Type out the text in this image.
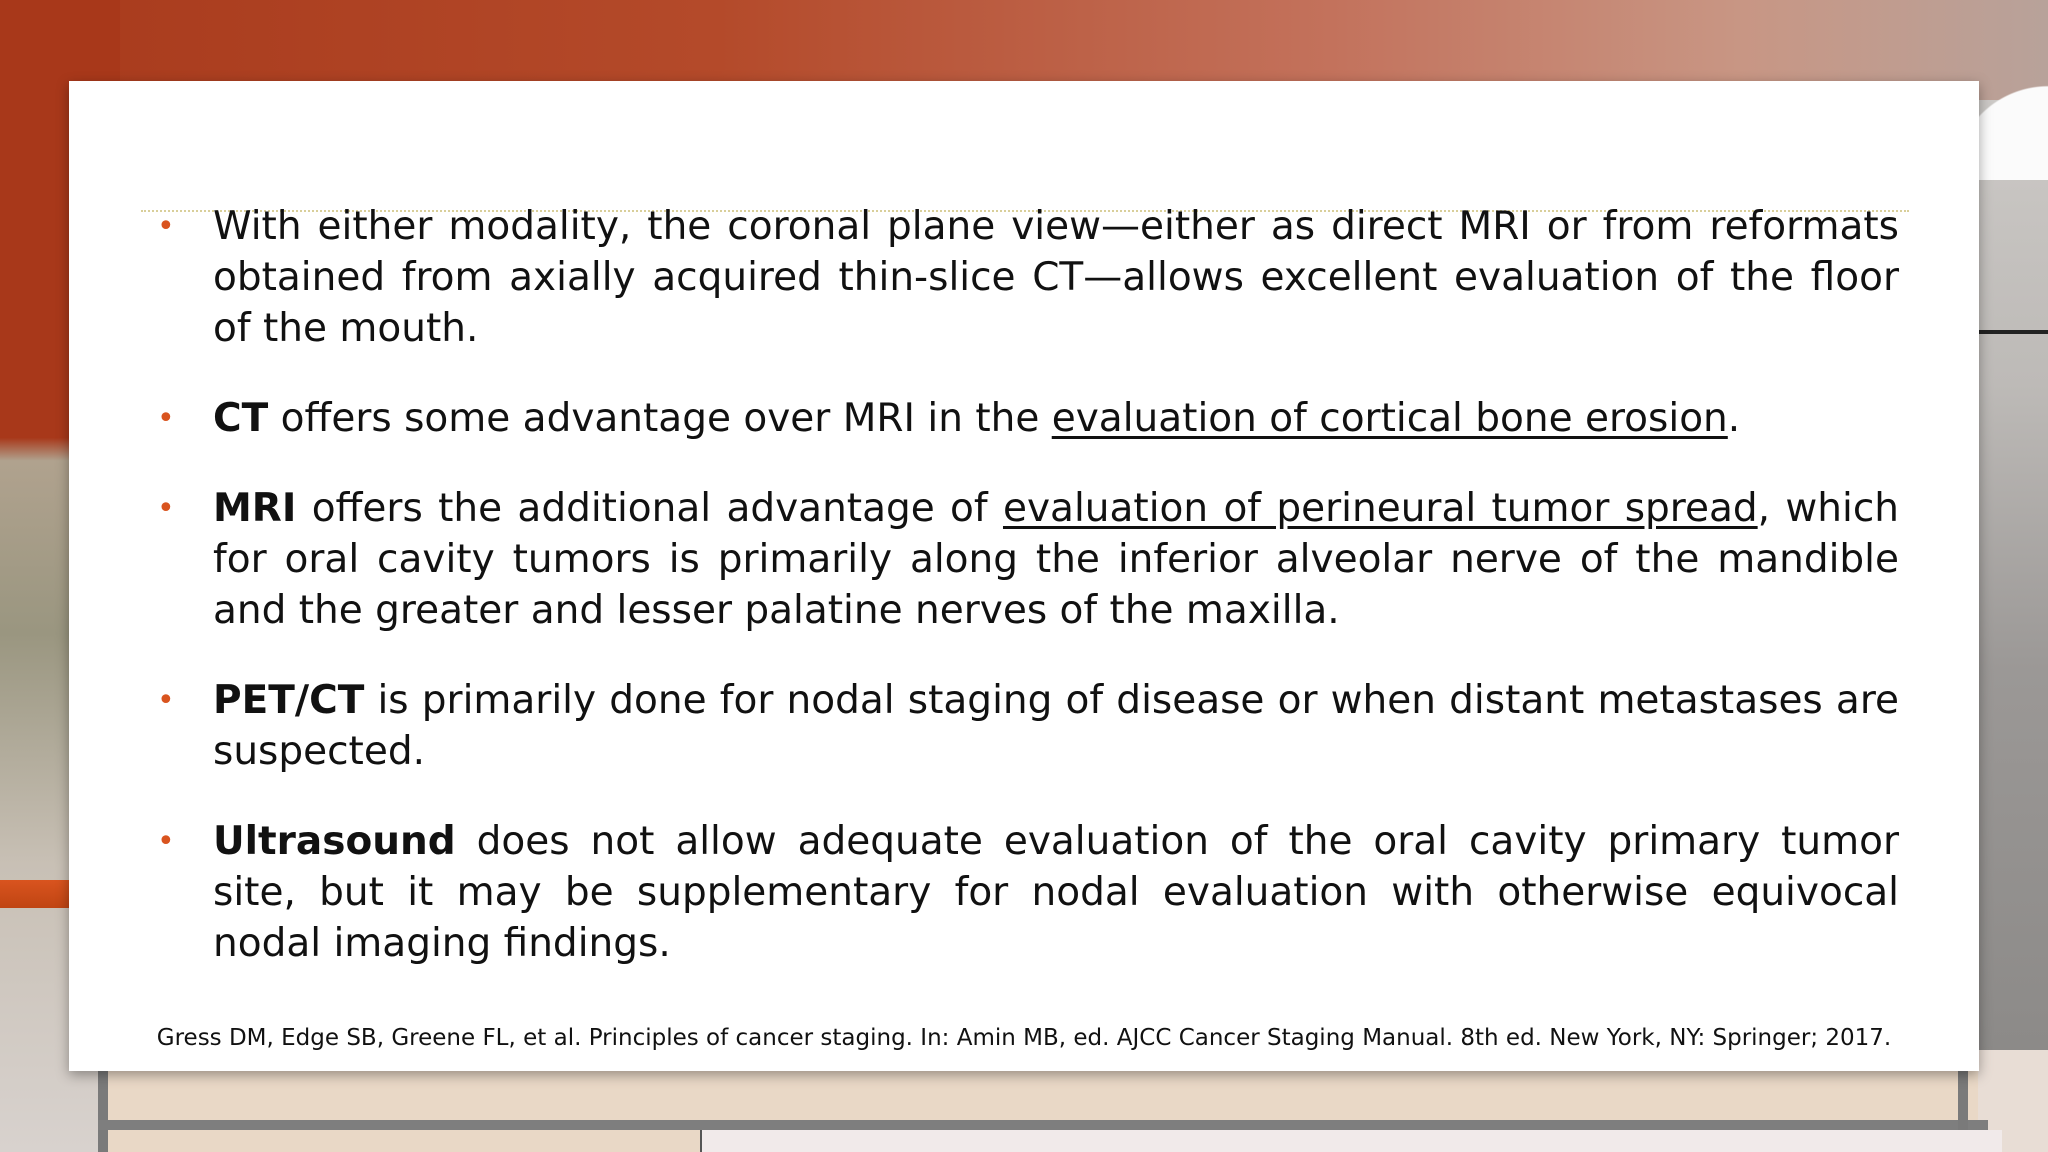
• With either modality, the coronal plane view—either as direct MRI or from reformats obtained from axially acquired thin-slice CT—allows excellent evaluation of the floor of the mouth.
• CT offers some advantage over MRI in the evaluation of cortical bone erosion.
• MRI offers the additional advantage of evaluation of perineural tumor spread, which for oral cavity tumors is primarily along the inferior alveolar nerve of the mandible and the greater and lesser palatine nerves of the maxilla.
• PET/CT is primarily done for nodal staging of disease or when distant metastases are suspected.
• Ultrasound does not allow adequate evaluation of the oral cavity primary tumor site, but it may be supplementary for nodal evaluation with otherwise equivocal nodal imaging findings.
Gress DM, Edge SB, Greene FL, et al. Principles of cancer staging. In: Amin MB, ed. AJCC Cancer Staging Manual. 8th ed. New York, NY: Springer; 2017.
